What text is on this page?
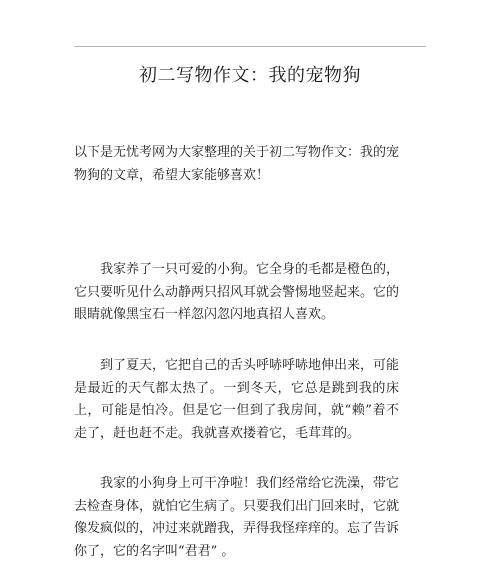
初二写物作文：我的宠物狗
以下是无忧考网为大家整理的关于初二写物作文：我的宠物狗的文章，希望大家能够喜欢！
我家养了一只可爱的小狗。它全身的毛都是橙色的，它只要听见什么动静两只招风耳就会警惕地竖起来。它的眼睛就像黑宝石一样忽闪忽闪地真招人喜欢。
到了夏天，它把自己的舌头呼哧呼哧地伸出来，可能是最近的天气都太热了。一到冬天，它总是跳到我的床上，可能是怕冷。但是它一但到了我房间，就“赖”着不走了，赶也赶不走。我就喜欢搂着它，毛茸茸的。
我家的小狗身上可干净啦！我们经常给它洗澡，带它去检查身体，就怕它生病了。只要我们出门回来时，它就像发疯似的，冲过来就蹭我，弄得我怪痒痒的。忘了告诉你了，它的名字叫“君君” 。
